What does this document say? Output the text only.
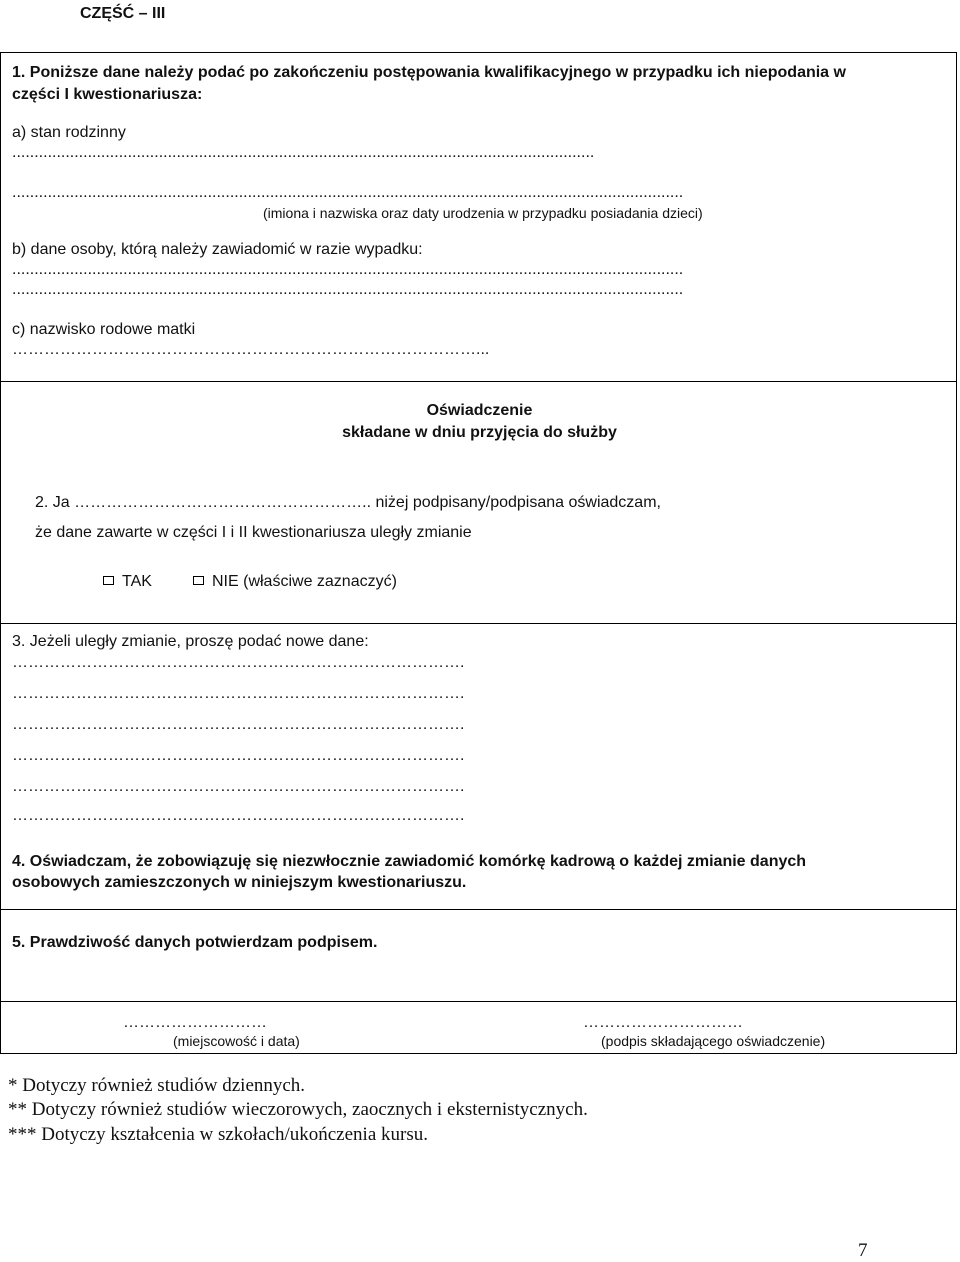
CZĘŚĆ – III
1. Poniższe dane należy podać po zakończeniu postępowania kwalifikacyjnego w przypadku ich niepodania w
części I kwestionariusza:
a) stan rodzinny
...................................................................................................................................
.......................................................................................................................................................
(imiona i nazwiska oraz daty urodzenia w przypadku posiadania dzieci)
b) dane osoby, którą należy zawiadomić w razie wypadku:
.......................................................................................................................................................
.......................................................................................................................................................
c) nazwisko rodowe matki
……………………………………………………………………………...
Oświadczenie
składane w dniu przyjęcia do służby
2. Ja ……………………………………………….. niżej podpisany/podpisana oświadczam,
że dane zawarte w części I i II kwestionariusza uległy zmianie
TAK	NIE (właściwe zaznaczyć)
3. Jeżeli uległy zmianie, proszę podać nowe dane:
………………………………………………………………………….
………………………………………………………………………….
………………………………………………………………………….
………………………………………………………………………….
………………………………………………………………………….
………………………………………………………………………….
4. Oświadczam, że zobowiązuję się niezwłocznie zawiadomić komórkę kadrową o każdej zmianie danych
osobowych zamieszczonych w niniejszym kwestionariuszu.
5. Prawdziwość danych potwierdzam podpisem.
………………………
(miejscowość i data)
…………………………
(podpis składającego oświadczenie)
* Dotyczy również studiów dziennych.
** Dotyczy również studiów wieczorowych, zaocznych i eksternistycznych.
*** Dotyczy kształcenia w szkołach/ukończenia kursu.
7
